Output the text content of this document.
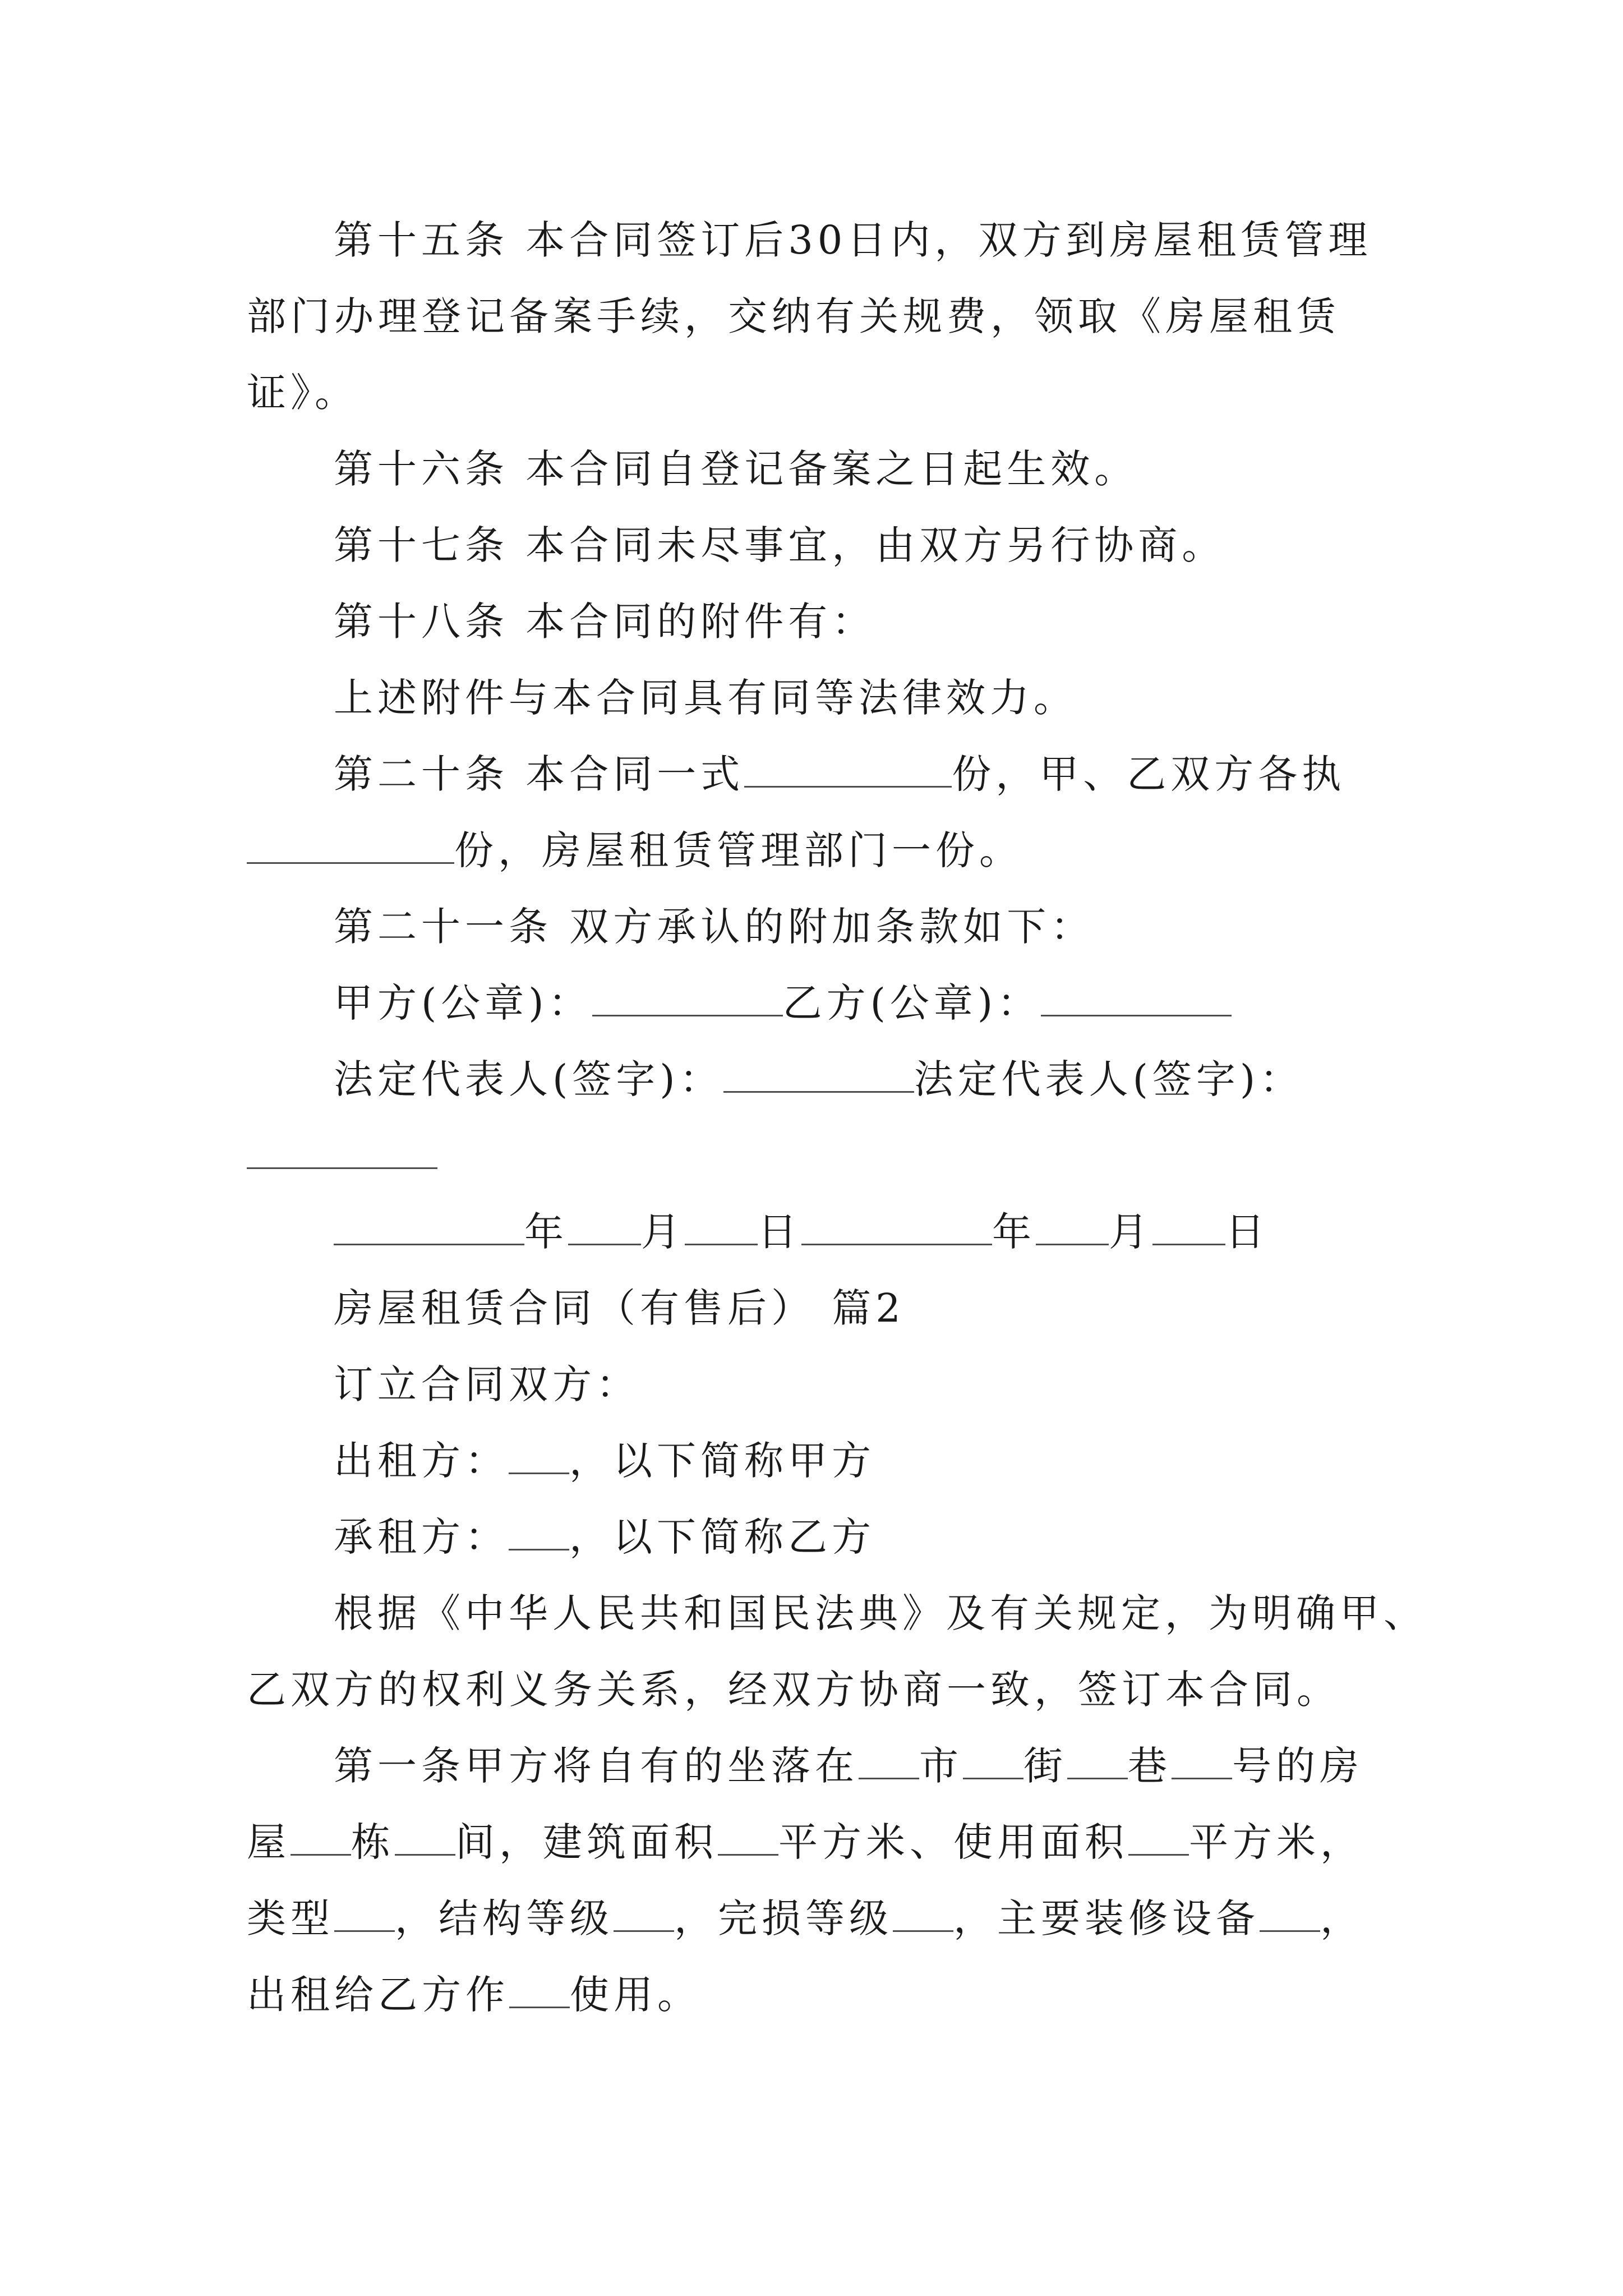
第十五条 本合同签订后30日内，双方到房屋租赁管理
部门办理登记备案手续，交纳有关规费，领取《房屋租赁
证》。
第十六条 本合同自登记备案之日起生效。
第十七条 本合同未尽事宜，由双方另行协商。
第十八条 本合同的附件有：
上述附件与本合同具有同等法律效力。
第二十条 本合同一式	份，甲、乙双方各执
份，房屋租赁管理部门一份。
第二十一条 双方承认的附加条款如下：
甲方(公章)：	乙方(公章)：
法定代表人(签字)：	法定代表人(签字)：
年 月 日	年 月 日
房屋租赁合同（有售后） 篇2
订立合同双方：
出租方： ，以下简称甲方
承租方： ，以下简称乙方
根据《中华人民共和国民法典》及有关规定，为明确甲、
乙双方的权利义务关系，经双方协商一致，签订本合同。
第一条甲方将自有的坐落在 市 街 巷 号的房
屋 栋 间，建筑面积 平方米、使用面积 平方米，
类型 ，结构等级 ，完损等级 ，主要装修设备 ，
出租给乙方作 使用。
